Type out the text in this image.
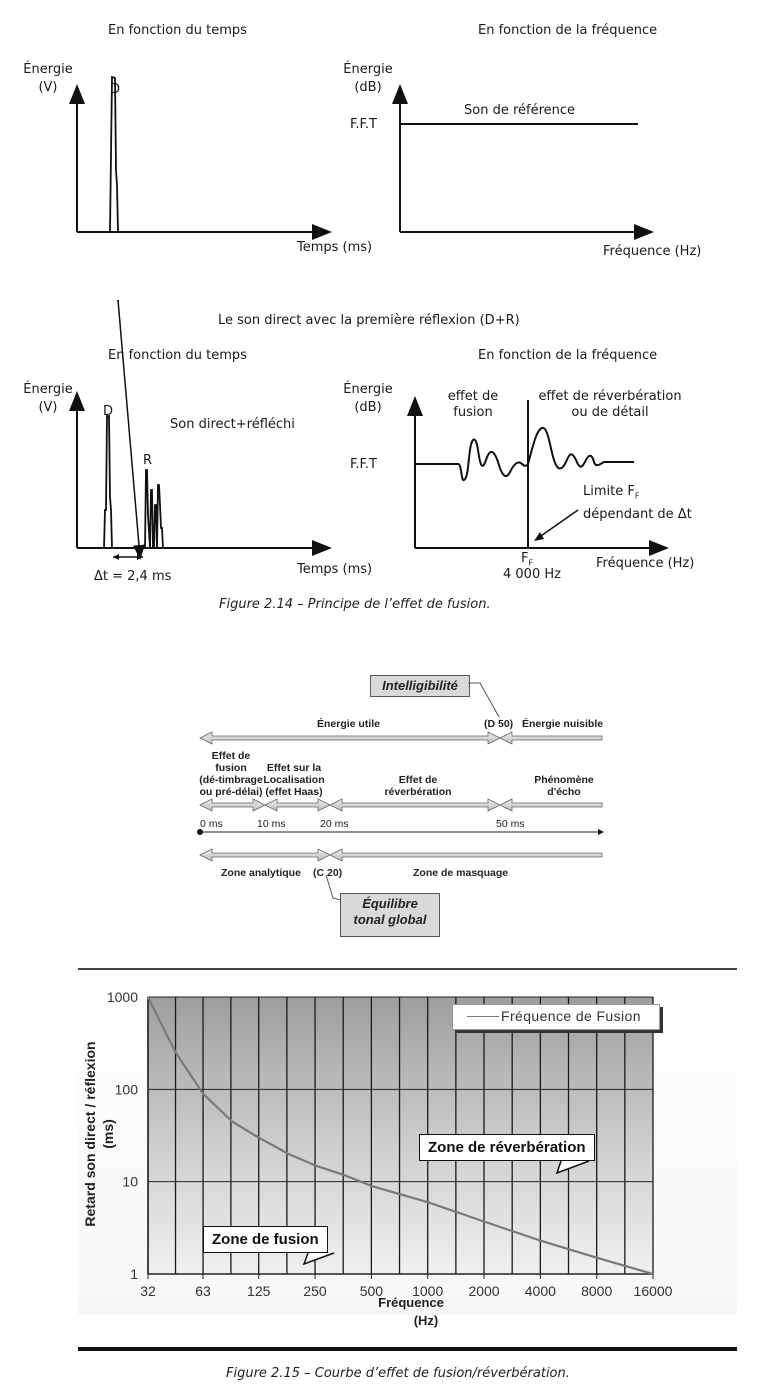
En fonction du temps
Énergie
(V)	D
Temps (ms)
En fonction de la fréquence
Énergie
(dB)
F.F.T
Son de référence
Fréquence (Hz)
Le son direct avec la première réflexion (D+R)
En fonction du temps
Énergie
(V)	D
Son direct+réfléchi
R
Δt = 2,4 ms	Temps (ms)
En fonction de la fréquence
Énergie
(dB)
F.F.T
effet de
fusion
effet de réverbération
ou de détail
Limite $F_F$
dépendant de Δt
$F_F$
4 000 Hz
Fréquence (Hz)
Figure 2.14 – Principe de l’effet de fusion.
Intelligibilité
Énergie utile	(D 50) Énergie nuisible
Effet de
fusion
(dé-timbrage
ou pré-délai)
Effet sur la
Localisation
(effet Haas)
Effet de
réverbération
Phénomène
d'écho
0 ms	10 ms	20 ms	50 ms
Zone analytique (C 20)	Zone de masquage
Équilibre
tonal global
32	63	125 250 500 1000 2000 4000 8000 16000
1000
100
10
1
Retard son direct / réflexion (ms)
Fréquence
(Hz)
Fréquence de Fusion
Zone de réverbération
Zone de fusion
Figure 2.15 – Courbe d’effet de fusion/réverbération.
